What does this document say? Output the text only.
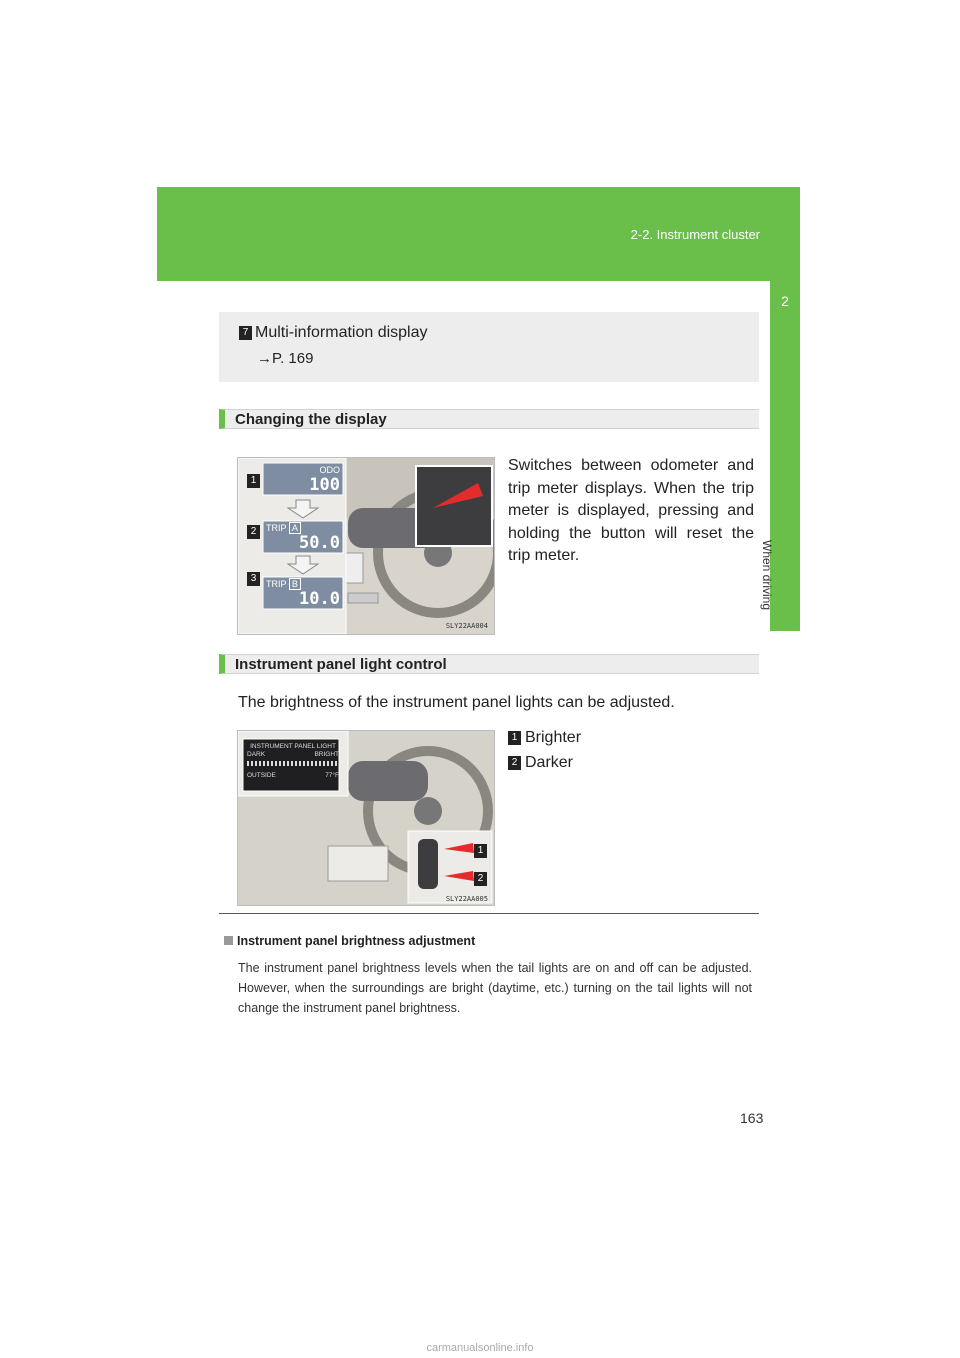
2-2. Instrument cluster
2
When driving
7 Multi-information display
→P. 169
Changing the display
1
2
3
ODO
100
TRIP A
50.0
TRIP B
10.0
SLY22AA004
Switches between odometer and trip meter displays. When the trip meter is displayed, pressing and holding the button will reset the trip meter.
Instrument panel light control
The brightness of the instrument panel lights can be adjusted.
INSTRUMENT PANEL LIGHT
DARK	BRIGHT
OUTSIDE	77°F
1
2
SLY22AA005
1 Brighter
2 Darker
Instrument panel brightness adjustment
The instrument panel brightness levels when the tail lights are on and off can be adjusted. However, when the surroundings are bright (daytime, etc.) turning on the tail lights will not change the instrument panel brightness.
163
carmanualsonline.info
